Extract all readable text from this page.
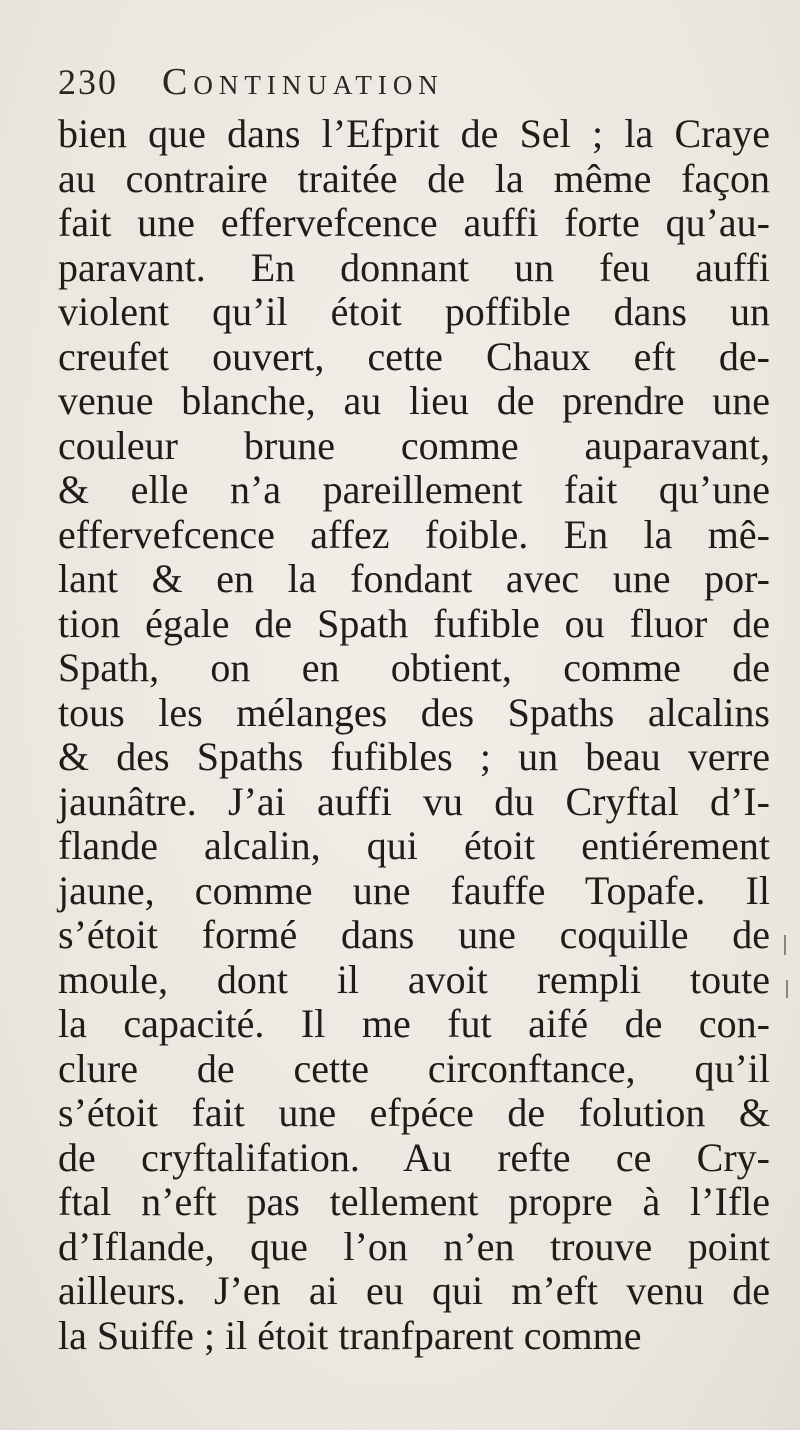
230 Continuation
bien que dans l’Efprit de Sel ; la Craye
au contraire traitée de la même façon
fait une effervefcence auffi forte qu’au-
paravant. En donnant un feu auffi
violent qu’il étoit poffible dans un
creufet ouvert, cette Chaux eft de-
venue blanche, au lieu de prendre une
couleur brune comme auparavant,
& elle n’a pareillement fait qu’une
effervefcence affez foible. En la mê-
lant & en la fondant avec une por-
tion égale de Spath fufible ou fluor de
Spath, on en obtient, comme de
tous les mélanges des Spaths alcalins
& des Spaths fufibles ; un beau verre
jaunâtre. J’ai auffi vu du Cryftal d’I-
flande alcalin, qui étoit entiérement
jaune, comme une fauffe Topafe. Il
s’étoit formé dans une coquille de
moule, dont il avoit rempli toute
la capacité. Il me fut aifé de con-
clure de cette circonftance, qu’il
s’étoit fait une efpéce de folution &
de cryftalifation. Au refte ce Cry-
ftal n’eft pas tellement propre à l’Ifle
d’Iflande, que l’on n’en trouve point
ailleurs. J’en ai eu qui m’eft venu de
la Suiffe ; il étoit tranfparent comme
